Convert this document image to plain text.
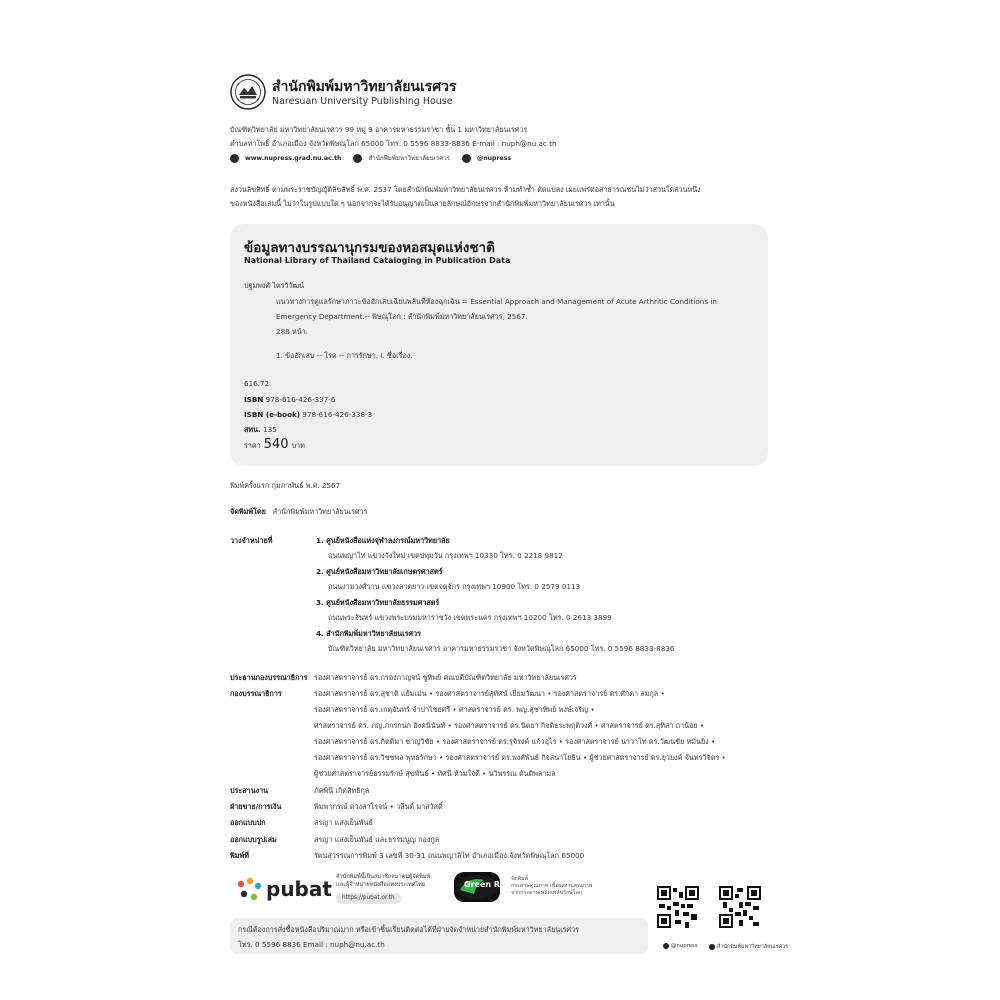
สำนักพิมพ์มหาวิทยาลัยนเรศวร
Naresuan University Publishing House
บัณฑิตวิทยาลัย มหาวิทยาลัยนเรศวร 99 หมู่ 9 อาคารมหาธรรมราชา ชั้น 1 มหาวิทยาลัยนเรศวร
ตำบลท่าโพธิ์ อำเภอเมือง จังหวัดพิษณุโลก 65000 โทร. 0 5596 8833-8836 E-mail : nuph@nu.ac.th
www.nupress.grad.nu.ac.th	สำนักพิมพ์มหาวิทยาลัยนเรศวร	@nupress
สงวนลิขสิทธิ์ ตามพระราชบัญญัติลิขสิทธิ์ พ.ศ. 2537 โดยสำนักพิมพ์มหาวิทยาลัยนเรศวร ห้ามทำซ้ำ ดัดแปลง เผยแพร่ต่อสาธารณชนไม่ว่าส่วนใดส่วนหนึ่ง
ของหนังสือเล่มนี้ ไม่ว่าในรูปแบบใด ๆ นอกจากจะได้รับอนุญาตเป็นลายลักษณ์อักษรจากสำนักพิมพ์มหาวิทยาลัยนเรศวร เท่านั้น
ข้อมูลทางบรรณานุกรมของหอสมุดแห่งชาติ
National Library of Thailand Cataloging in Publication Data
ปฐมพงศ์ ไตรวิวัฒน์
แนวทางการดูแลรักษาภาวะข้ออักเสบเฉียบพลันที่ห้องฉุกเฉิน = Essential Approach and Management of Acute Arthritic Conditions in
Emergency Department.-- พิษณุโลก : สำนักพิมพ์มหาวิทยาลัยนเรศวร, 2567.
288 หน้า.
1. ข้ออักเสบ -- โรค -- การรักษา. I. ชื่อเรื่อง.
616.72
ISBN 978-616-426-337-6
ISBN (e-book) 978-616-426-338-3
สทน. 135
ราคา 540 บาท
พิมพ์ครั้งแรก กุมภาพันธ์ พ.ศ. 2567
จัดพิมพ์โดย สำนักพิมพ์มหาวิทยาลัยนเรศวร
วางจำหน่ายที่	1. ศูนย์หนังสือแห่งจุฬาลงกรณ์มหาวิทยาลัย
ถนนพญาไท แขวงวังใหม่ เขตปทุมวัน กรุงเทพฯ 10330 โทร. 0 2218 9812
2. ศูนย์หนังสือมหาวิทยาลัยเกษตรศาสตร์
ถนนงามวงศ์วาน แขวงลาดยาว เขตจตุจักร กรุงเทพฯ 10900 โทร. 0 2579 0113
3. ศูนย์หนังสือมหาวิทยาลัยธรรมศาสตร์
ถนนพระจันทร์ แขวงพระบรมมหาราชวัง เขตพระนคร กรุงเทพฯ 10200 โทร. 0 2613 3899
4. สำนักพิมพ์มหาวิทยาลัยนเรศวร
บัณฑิตวิทยาลัย มหาวิทยาลัยนเรศวร อาคารมหาธรรมราชา จังหวัดพิษณุโลก 65000 โทร. 0 5596 8833-8836
ประธานกองบรรณาธิการ รองศาสตราจารย์ ดร.กรองกาญจน์ ชูทิพย์ คณบดีบัณฑิตวิทยาลัย มหาวิทยาลัยนเรศวร
กองบรรณาธิการ	รองศาสตราจารย์ ดร.สุชาติ แย้มเม่น • รองศาสตราจารย์สุทัศน์ เยี่ยมวัฒนา • รองศาสตราจารย์ ดร.ศักดา สมกุล •
รองศาสตราจารย์ ดร.เกตุจันทร์ จำปาไชยศรี • ศาสตราจารย์ ดร. พญ.สุชาทิพย์ พงษ์เจริญ •
ศาสตราจารย์ ดร. ภญ.ภกรกนก อิงคนินันท์ • รองศาสตราจารย์ ดร.นิตยา กิจติธระพฤติวงศ์ • ศาสตราจารย์ ดร.สุทิสา ถาน้อย •
รองศาสตราจารย์ ดร.กิตติมา ชาญวิชัย • รองศาสตราจารย์ ดร.รุจิรงค์ แก้วอุไร • รองศาสตราจารย์ นาวาโท ดร.วัฒนชัย หมั่นยิ่ง •
รองศาสตราจารย์ ดร.วิชชพล พุทธรักษา • รองศาสตราจารย์ ดร.พงศ์พันธ์ กิจสนาโยธิน • ผู้ช่วยศาสตราจารย์ ดร.ยุวยงค์ จันทรวิจิตร •
ผู้ช่วยศาสตราจารย์ธรรมรักษ์ สุขพันธ์ • ทัศนี ห้วมใจดี • นวิพรรณ ตันติพลามล
ประสานงาน	ภัคพินี เกิดสิทธิกุล
ฝ่ายขาย/การเงิน	พิมพาภรณ์ ดวงสาโรจน์ • วลีนด์ มาสวัสดิ์
ออกแบบปก	สรญา แสงเย็นพันธ์
ออกแบบรูปเล่ม	สรญา แสงเย็นพันธ์ และธรรมนูญ กองกูล
พิมพ์ที่	รัตนสุวรรณการพิมพ์ 3 เลขที่ 30-31 ถนนพญาลิไท อำเภอเมือง จังหวัดพิษณุโลก 65000
pubat สำนักพิมพ์นี้เป็นสมาชิกสมาคมผู้จัดพิมพ์
และผู้จำหน่ายหนังสือแห่งประเทศไทย
https://pubat.or.th
Green Read
จัดพิมพ์
กระดาษคุณภาพ เพื่อผลงานคุณภาพ
จากกระดาษเพลิดเพลินรักษ์โลก
กรณีต้องการสั่งซื้อหนังสือปริมาณมาก หรือเข้าชิ้นเรียนติดต่อได้ที่ฝ่ายจัดจำหน่ายสำนักพิมพ์มหาวิทยาลัยนเรศวร
โทร. 0 5596 8836 Email : nuph@nu.ac.th	@nupress	สำนักพิมพ์มหาวิทยาลัยนเรศวร
